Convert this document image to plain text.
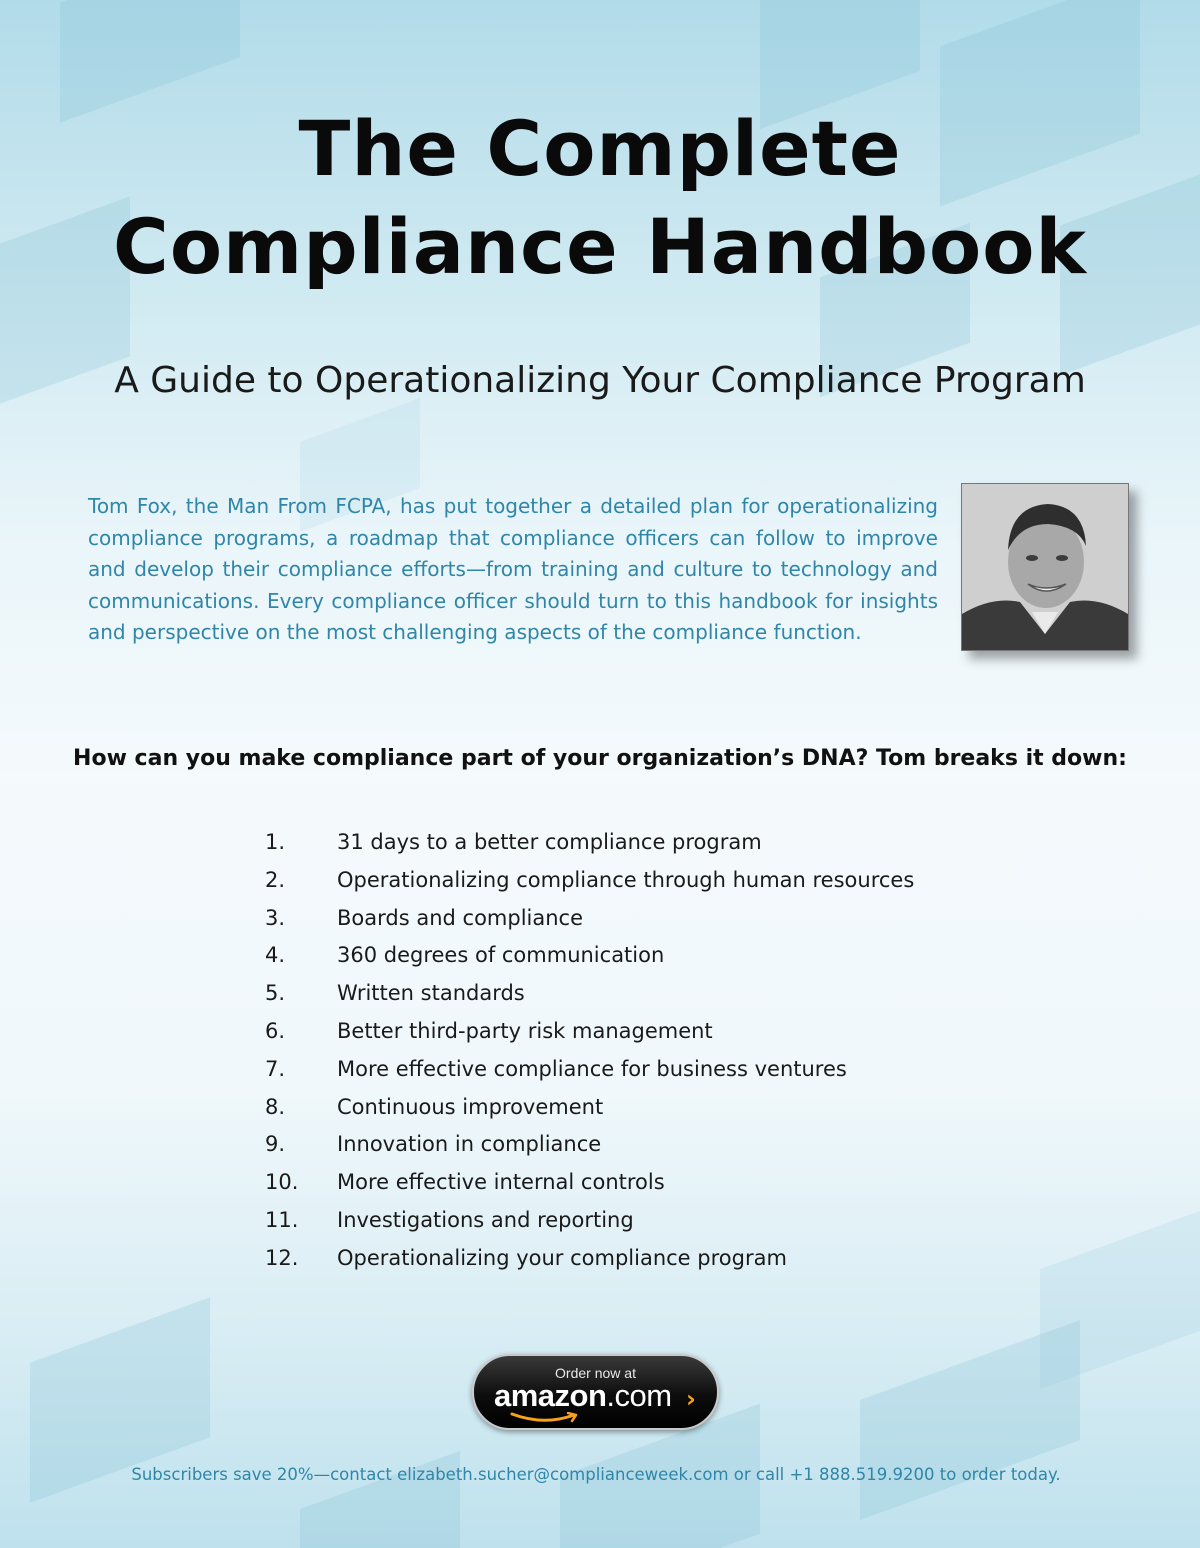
The Complete
Compliance Handbook
A Guide to Operationalizing Your Compliance Program

Tom Fox, the Man From FCPA, has put together a detailed plan for operationalizing compliance programs, a roadmap that compliance officers can follow to improve and develop their compliance efforts—from training and culture to technology and communications. Every compliance officer should turn to this handbook for insights and perspective on the most challenging aspects of the compliance function.

How can you make compliance part of your organization’s DNA? Tom breaks it down:
1. 31 days to a better compliance program
2. Operationalizing compliance through human resources
3. Boards and compliance
4. 360 degrees of communication
5. Written standards
6. Better third-party risk management
7. More effective compliance for business ventures
8. Continuous improvement
9. Innovation in compliance
10. More effective internal controls
11. Investigations and reporting
12. Operationalizing your compliance program
Order now at
amazon.com ›
Subscribers save 20%—contact elizabeth.sucher@complianceweek.com or call +1 888.519.9200 to order today.
